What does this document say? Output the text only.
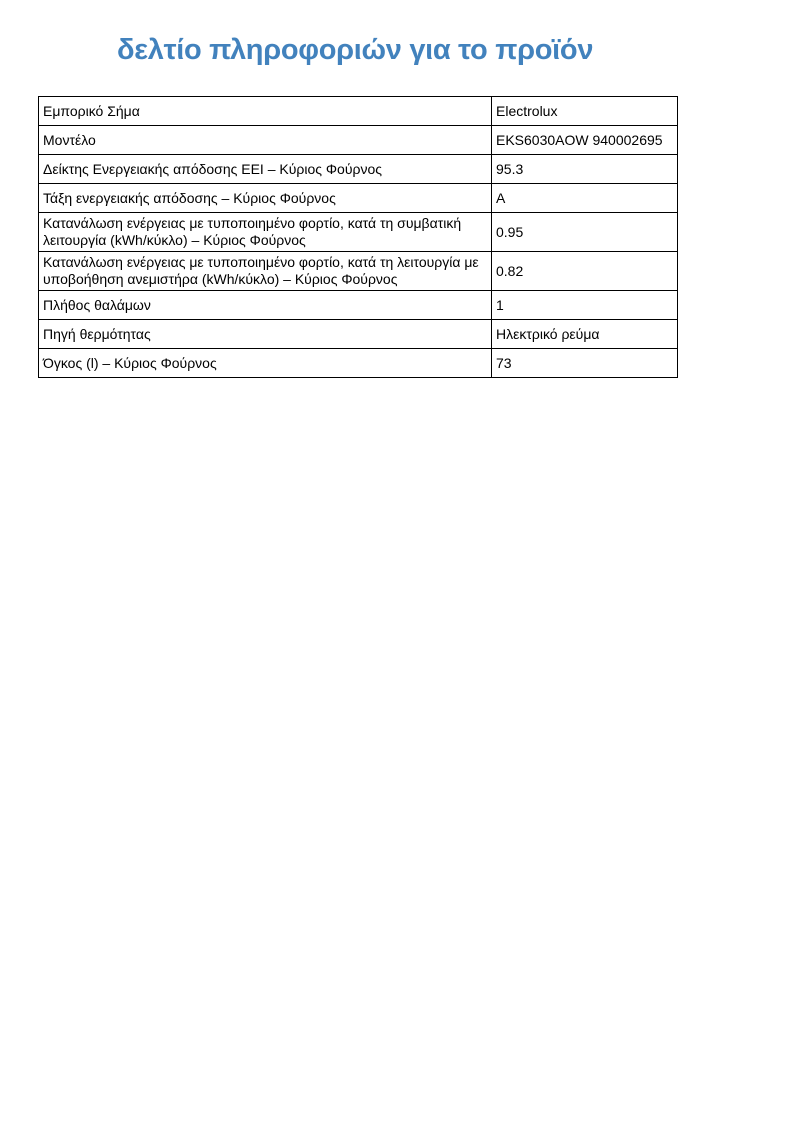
δελτίο πληροφοριών για το προϊόν
Εμπορικό Σήμα	Electrolux
Μοντέλο	EKS6030AOW 940002695
Δείκτης Ενεργειακής απόδοσης EEI – Κύριος Φούρνος	95.3
Τάξη ενεργειακής απόδοσης – Κύριος Φούρνος	A
Κατανάλωση ενέργειας με τυποποιημένο φορτίο, κατά τη συμβατική λειτουργία (kWh/κύκλο) – Κύριος Φούρνος	0.95
Κατανάλωση ενέργειας με τυποποιημένο φορτίο, κατά τη λειτουργία με υποβοήθηση ανεμιστήρα (kWh/κύκλο) – Κύριος Φούρνος	0.82
Πλήθος θαλάμων	1
Πηγή θερμότητας	Ηλεκτρικό ρεύμα
Όγκος (l) – Κύριος Φούρνος	73
